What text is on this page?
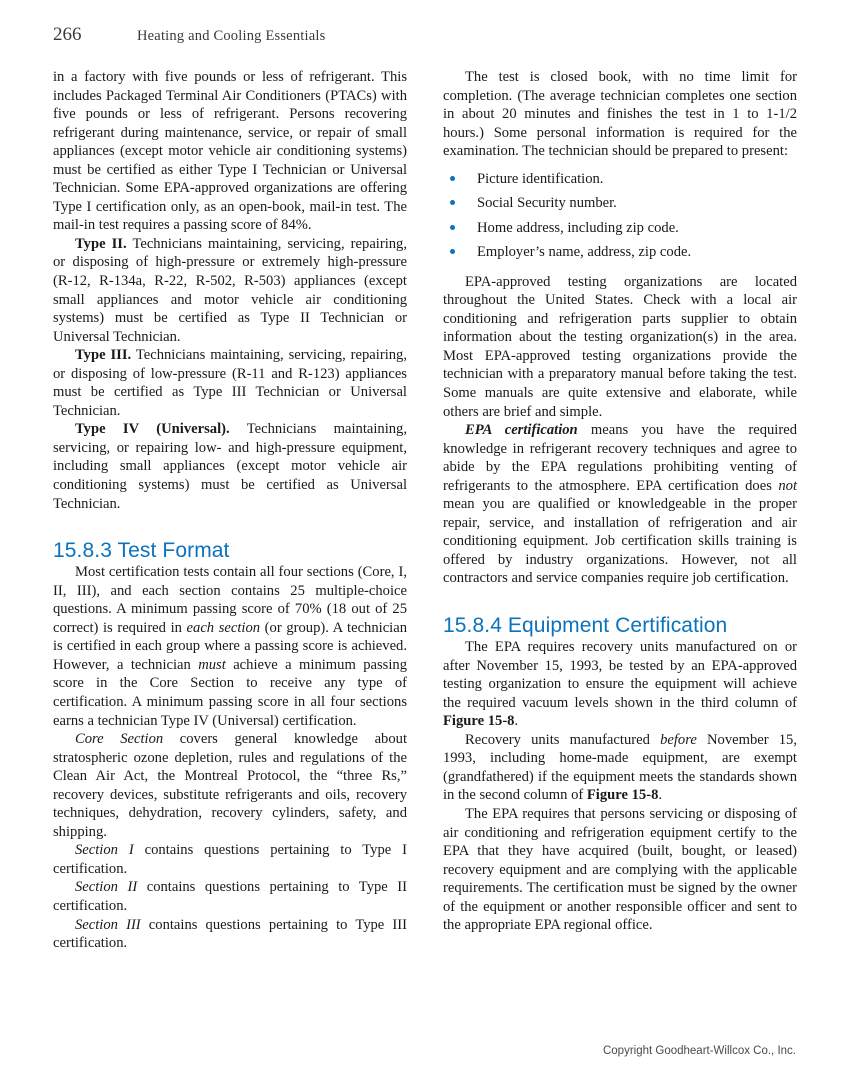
266	Heating and Cooling Essentials

in a factory with five pounds or less of refrigerant. This includes Packaged Terminal Air Conditioners (PTACs) with five pounds or less of refrigerant. Persons recovering refrigerant during maintenance, service, or repair of small appliances (except motor vehicle air conditioning systems) must be certified as either Type I Technician or Universal Technician. Some EPA-approved organizations are offering Type I certification only, as an open-book, mail-in test. The mail-in test requires a passing score of 84%.

Type II. Technicians maintaining, servicing, repairing, or disposing of high-pressure or extremely high-pressure (R-12, R-134a, R-22, R-502, R-503) appliances (except small appliances and motor vehicle air conditioning systems) must be certified as Type II Technician or Universal Technician.

Type III. Technicians maintaining, servicing, repairing, or disposing of low-pressure (R-11 and R-123) appliances must be certified as Type III Technician or Universal Technician.

Type IV (Universal). Technicians maintaining, servicing, or repairing low- and high-pressure equipment, including small appliances (except motor vehicle air conditioning systems) must be certified as Universal Technician.

15.8.3 Test Format

Most certification tests contain all four sections (Core, I, II, III), and each section contains 25 multiple-choice questions. A minimum passing score of 70% (18 out of 25 correct) is required in each section (or group). A technician is certified in each group where a passing score is achieved. However, a technician must achieve a minimum passing score in the Core Section to receive any type of certification. A minimum passing score in all four sections earns a technician Type IV (Universal) certification.

Core Section covers general knowledge about stratospheric ozone depletion, rules and regulations of the Clean Air Act, the Montreal Protocol, the “three Rs,” recovery devices, substitute refrigerants and oils, recovery techniques, dehydration, recovery cylinders, safety, and shipping.

Section I contains questions pertaining to Type I certification.

Section II contains questions pertaining to Type II certification.

Section III contains questions pertaining to Type III certification.

The test is closed book, with no time limit for completion. (The average technician completes one section in about 20 minutes and finishes the test in 1 to 1-1/2 hours.) Some personal information is required for the examination. The technician should be prepared to present:

Picture identification.
Social Security number.
Home address, including zip code.
Employer’s name, address, zip code.

EPA-approved testing organizations are located throughout the United States. Check with a local air conditioning and refrigeration parts supplier to obtain information about the testing organization(s) in the area. Most EPA-approved testing organizations provide the technician with a preparatory manual before taking the test. Some manuals are quite extensive and elaborate, while others are brief and simple.

EPA certification means you have the required knowledge in refrigerant recovery techniques and agree to abide by the EPA regulations prohibiting venting of refrigerants to the atmosphere. EPA certification does not mean you are qualified or knowledgeable in the proper repair, service, and installation of refrigeration and air conditioning equipment. Job certification skills training is offered by industry organizations. However, not all contractors and service companies require job certification.

15.8.4 Equipment Certification

The EPA requires recovery units manufactured on or after November 15, 1993, be tested by an EPA-approved testing organization to ensure the equipment will achieve the required vacuum levels shown in the third column of Figure 15-8.

Recovery units manufactured before November 15, 1993, including home-made equipment, are exempt (grandfathered) if the equipment meets the standards shown in the second column of Figure 15-8.

The EPA requires that persons servicing or disposing of air conditioning and refrigeration equipment certify to the EPA that they have acquired (built, bought, or leased) recovery equipment and are complying with the applicable requirements. The certification must be signed by the owner of the equipment or another responsible officer and sent to the appropriate EPA regional office.

Copyright Goodheart-Willcox Co., Inc.
